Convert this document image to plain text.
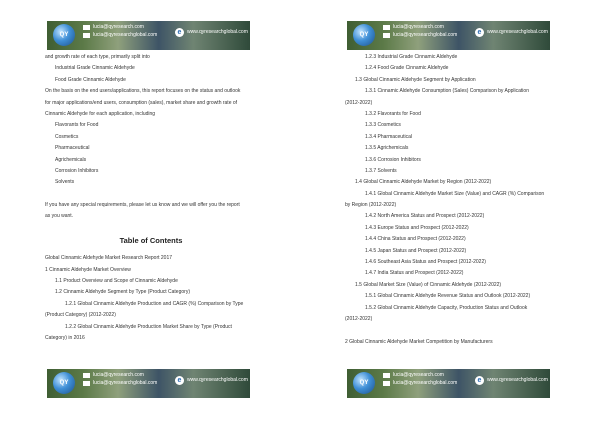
QY
lucia@qyresearch.com
lucia@qyresearchglobal.com	e	www.qyresearchglobal.com
and growth rate of each type, primarily split into
Industrial Grade Cinnamic Aldehyde
Food Grade Cinnamic Aldehyde
On the basis on the end users/applications, this report focuses on the status and outlook
for major applications/end users, consumption (sales), market share and growth rate of
Cinnamic Aldehyde for each application, including
Flavorants for Food
Cosmetics
Pharmaceutical
Agrichemicals
Corrosion Inhibitors
Solvents
If you have any special requirements, please let us know and we will offer you the report
as you want.
Table of Contents
Global Cinnamic Aldehyde Market Research Report 2017
1 Cinnamic Aldehyde Market Overview
1.1 Product Overview and Scope of Cinnamic Aldehyde
1.2 Cinnamic Aldehyde Segment by Type (Product Category)
1.2.1 Global Cinnamic Aldehyde Production and CAGR (%) Comparison by Type
(Product Category) (2012-2022)
1.2.2 Global Cinnamic Aldehyde Production Market Share by Type (Product
Category) in 2016
QY
lucia@qyresearch.com
lucia@qyresearchglobal.com	e	www.qyresearchglobal.com
QY
lucia@qyresearch.com
lucia@qyresearchglobal.com	e	www.qyresearchglobal.com
1.2.3 Industrial Grade Cinnamic Aldehyde
1.2.4 Food Grade Cinnamic Aldehyde
1.3 Global Cinnamic Aldehyde Segment by Application
1.3.1 Cinnamic Aldehyde Consumption (Sales) Comparison by Application
(2012-2022)
1.3.2 Flavorants for Food
1.3.3 Cosmetics
1.3.4 Pharmaceutical
1.3.5 Agrichemicals
1.3.6 Corrosion Inhibitors
1.3.7 Solvents
1.4 Global Cinnamic Aldehyde Market by Region (2012-2022)
1.4.1 Global Cinnamic Aldehyde Market Size (Value) and CAGR (%) Comparison
by Region (2012-2022)
1.4.2 North America Status and Prospect (2012-2022)
1.4.3 Europe Status and Prospect (2012-2022)
1.4.4 China Status and Prospect (2012-2022)
1.4.5 Japan Status and Prospect (2012-2022)
1.4.6 Southeast Asia Status and Prospect (2012-2022)
1.4.7 India Status and Prospect (2012-2022)
1.5 Global Market Size (Value) of Cinnamic Aldehyde (2012-2022)
1.5.1 Global Cinnamic Aldehyde Revenue Status and Outlook (2012-2022)
1.5.2 Global Cinnamic Aldehyde Capacity, Production Status and Outlook
(2012-2022)
2 Global Cinnamic Aldehyde Market Competition by Manufacturers
QY
lucia@qyresearch.com
lucia@qyresearchglobal.com	e	www.qyresearchglobal.com
